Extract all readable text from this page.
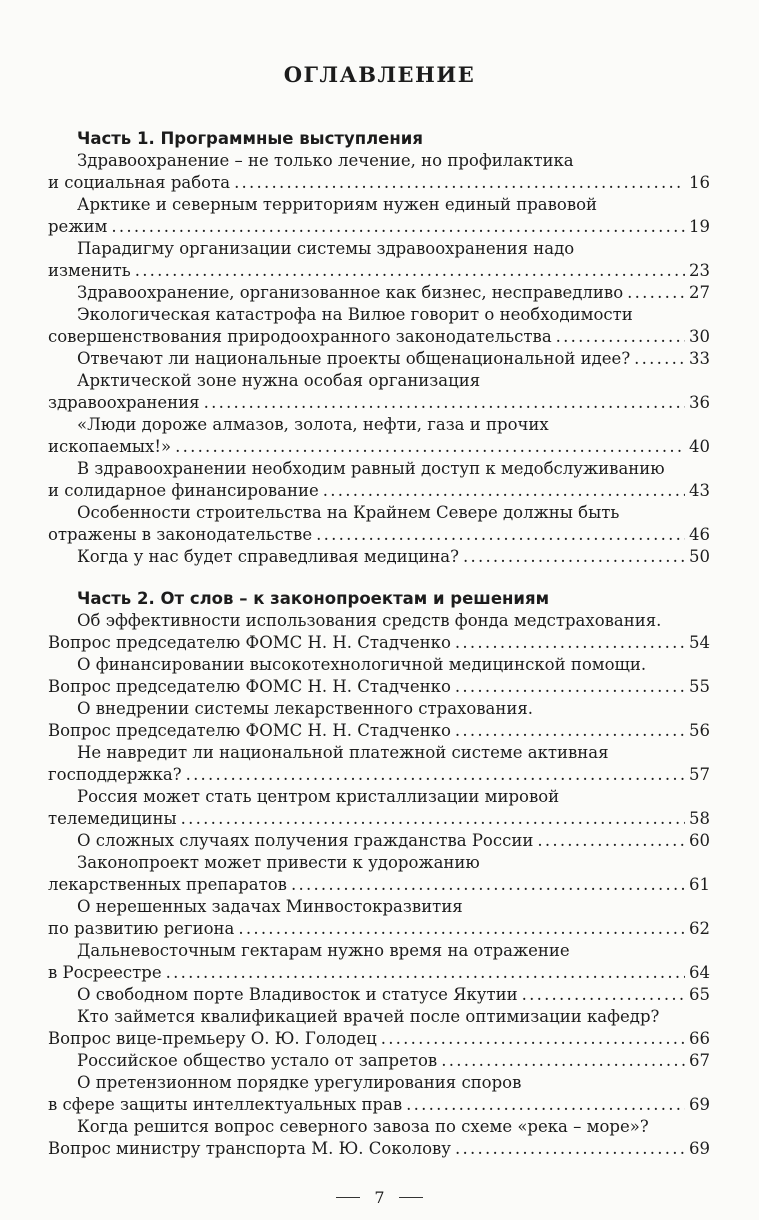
ОГЛАВЛЕНИЕ
Часть 1. Программные выступления
Здравоохранение – не только лечение, но профилактика
и социальная работа . . .	16
Арктике и северным территориям нужен единый правовой
режим . . .	19
Парадигму организации системы здравоохранения надо
изменить . . .	23
Здравоохранение, организованное как бизнес, несправедливо . . .	27
Экологическая катастрофа на Вилюе говорит о необходимости
совершенствования природоохранного законодательства . . .	30
Отвечают ли национальные проекты общенациональной идее? . . .	33
Арктической зоне нужна особая организация
здравоохранения . . .	36
«Люди дороже алмазов, золота, нефти, газа и прочих
ископаемых!» . . .	40
В здравоохранении необходим равный доступ к медобслуживанию
и солидарное финансирование . . .	43
Особенности строительства на Крайнем Севере должны быть
отражены в законодательстве . . .	46
Когда у нас будет справедливая медицина? . . .	50
Часть 2. От слов – к законопроектам и решениям
Об эффективности использования средств фонда медстрахования.
Вопрос председателю ФОМС Н. Н. Стадченко . . .	54
О финансировании высокотехнологичной медицинской помощи.
Вопрос председателю ФОМС Н. Н. Стадченко . . .	55
О внедрении системы лекарственного страхования.
Вопрос председателю ФОМС Н. Н. Стадченко . . .	56
Не навредит ли национальной платежной системе активная
господдержка? . . .	57
Россия может стать центром кристаллизации мировой
телемедицины . . .	58
О сложных случаях получения гражданства России . . .	60
Законопроект может привести к удорожанию
лекарственных препаратов . . .	61
О нерешенных задачах Минвостокразвития
по развитию региона . . .	62
Дальневосточным гектарам нужно время на отражение
в Росреестре . . .	64
О свободном порте Владивосток и статусе Якутии . . .	65
Кто займется квалификацией врачей после оптимизации кафедр?
Вопрос вице-премьеру О. Ю. Голодец . . .	66
Российское общество устало от запретов . . .	67
О претензионном порядке урегулирования споров
в сфере защиты интеллектуальных прав . . .	69
Когда решится вопрос северного завоза по схеме «река – море»?
Вопрос министру транспорта М. Ю. Соколову . . .	69
7
